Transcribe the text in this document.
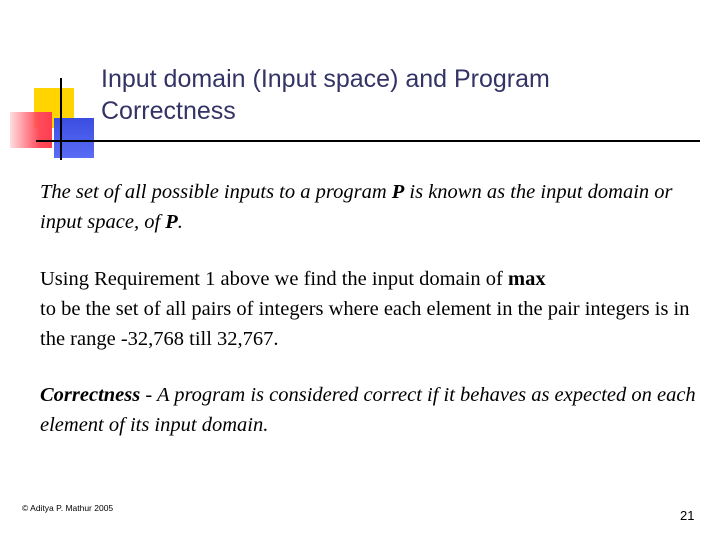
Input domain (Input space) and Program
Correctness
The set of all possible inputs to a program P is known as the input domain or input space, of P.
Using Requirement 1 above we find the input domain of max
to be the set of all pairs of integers where each element in the pair integers is in the range -32,768 till 32,767.
Correctness - A program is considered correct if it behaves as expected on each element of its input domain.
© Aditya P. Mathur 2005	21
